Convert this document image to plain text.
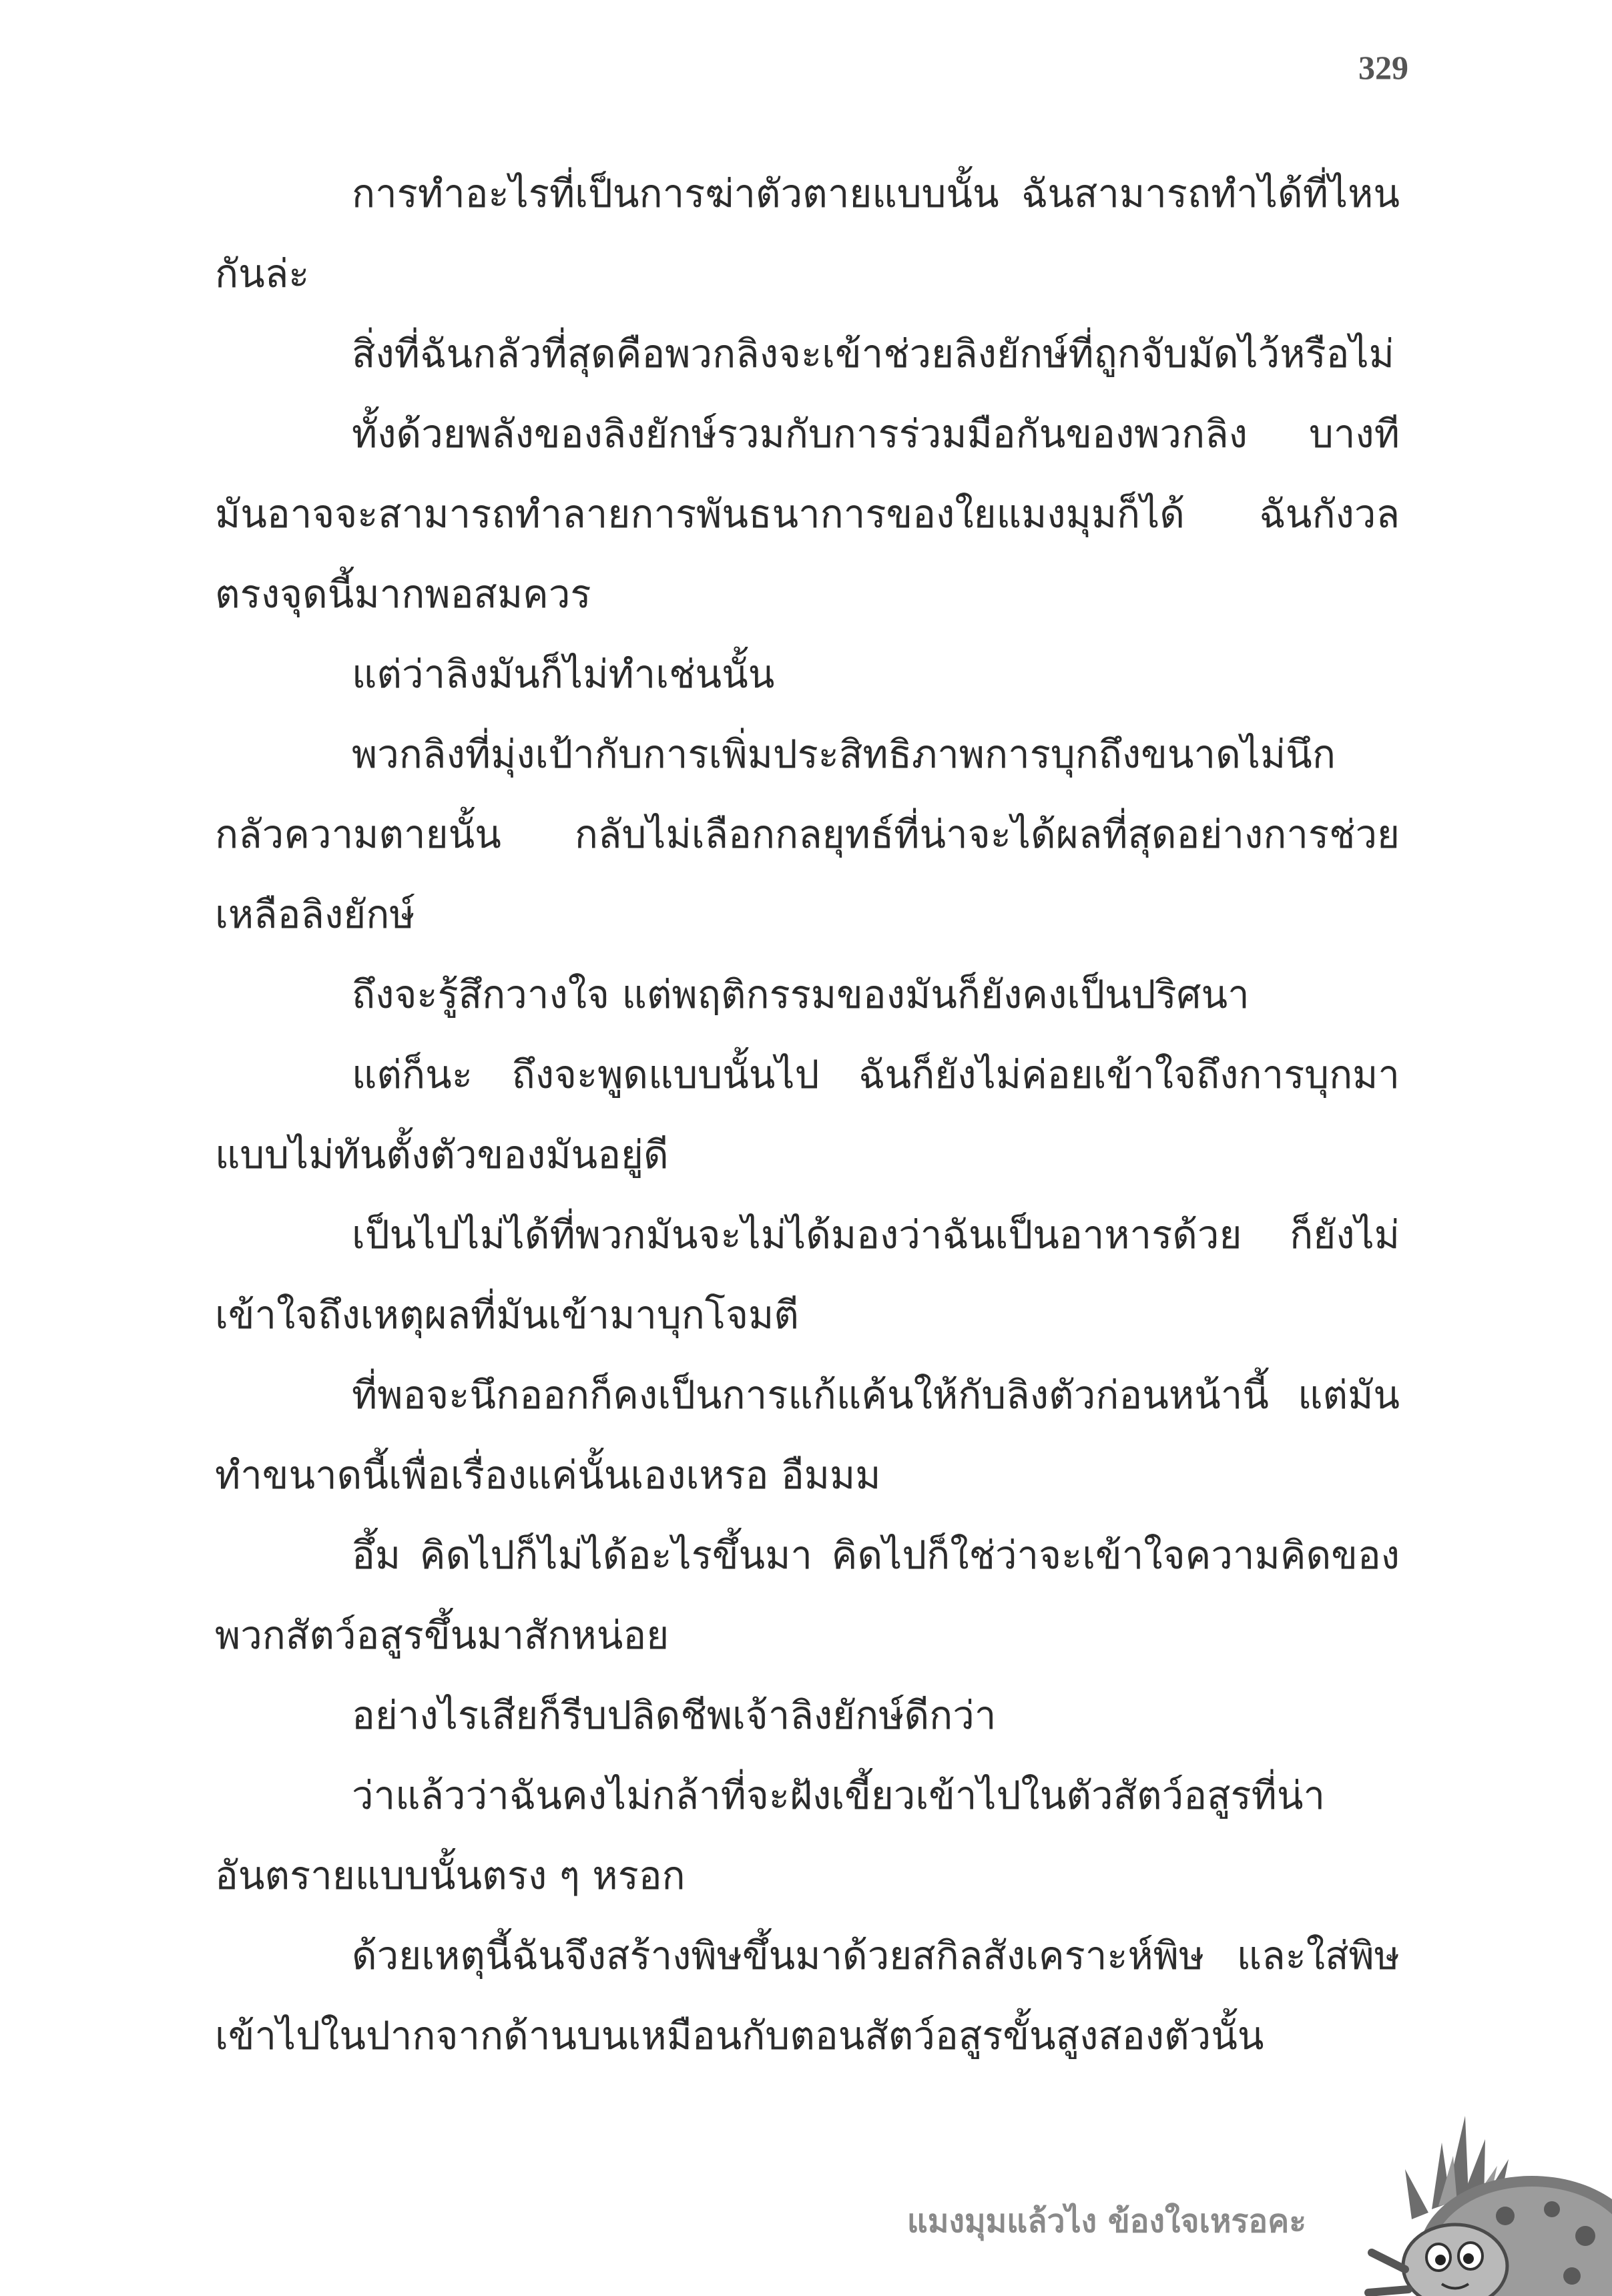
329

การทำอะไรที่เป็นการฆ่าตัวตายแบบนั้น ฉันสามารถทำได้ที่ไหนกันล่ะ

สิ่งที่ฉันกลัวที่สุดคือพวกลิงจะเข้าช่วยลิงยักษ์ที่ถูกจับมัดไว้หรือไม่

ทั้งด้วยพลังของลิงยักษ์รวมกับการร่วมมือกันของพวกลิง บางทีมันอาจจะสามารถทำลายการพันธนาการของใยแมงมุมก็ได้ ฉันกังวลตรงจุดนี้มากพอสมควร

แต่ว่าลิงมันก็ไม่ทำเช่นนั้น

พวกลิงที่มุ่งเป้ากับการเพิ่มประสิทธิภาพการบุกถึงขนาดไม่นึกกลัวความตายนั้น กลับไม่เลือกกลยุทธ์ที่น่าจะได้ผลที่สุดอย่างการช่วยเหลือลิงยักษ์

ถึงจะรู้สึกวางใจ แต่พฤติกรรมของมันก็ยังคงเป็นปริศนา

แต่ก็นะ ถึงจะพูดแบบนั้นไป ฉันก็ยังไม่ค่อยเข้าใจถึงการบุกมาแบบไม่ทันตั้งตัวของมันอยู่ดี

เป็นไปไม่ได้ที่พวกมันจะไม่ได้มองว่าฉันเป็นอาหารด้วย ก็ยังไม่เข้าใจถึงเหตุผลที่มันเข้ามาบุกโจมตี

ที่พอจะนึกออกก็คงเป็นการแก้แค้นให้กับลิงตัวก่อนหน้านี้ แต่มันทำขนาดนี้เพื่อเรื่องแค่นั้นเองเหรอ อืมมม

อึ้ม คิดไปก็ไม่ได้อะไรขึ้นมา คิดไปก็ใช่ว่าจะเข้าใจความคิดของพวกสัตว์อสูรขึ้นมาสักหน่อย

อย่างไรเสียก็รีบปลิดชีพเจ้าลิงยักษ์ดีกว่า

ว่าแล้วว่าฉันคงไม่กล้าที่จะฝังเขี้ยวเข้าไปในตัวสัตว์อสูรที่น่าอันตรายแบบนั้นตรง ๆ หรอก

ด้วยเหตุนี้ฉันจึงสร้างพิษขึ้นมาด้วยสกิลสังเคราะห์พิษ และใส่พิษเข้าไปในปากจากด้านบนเหมือนกับตอนสัตว์อสูรขั้นสูงสองตัวนั้น

แมงมุมแล้วไง ข้องใจเหรอคะ
